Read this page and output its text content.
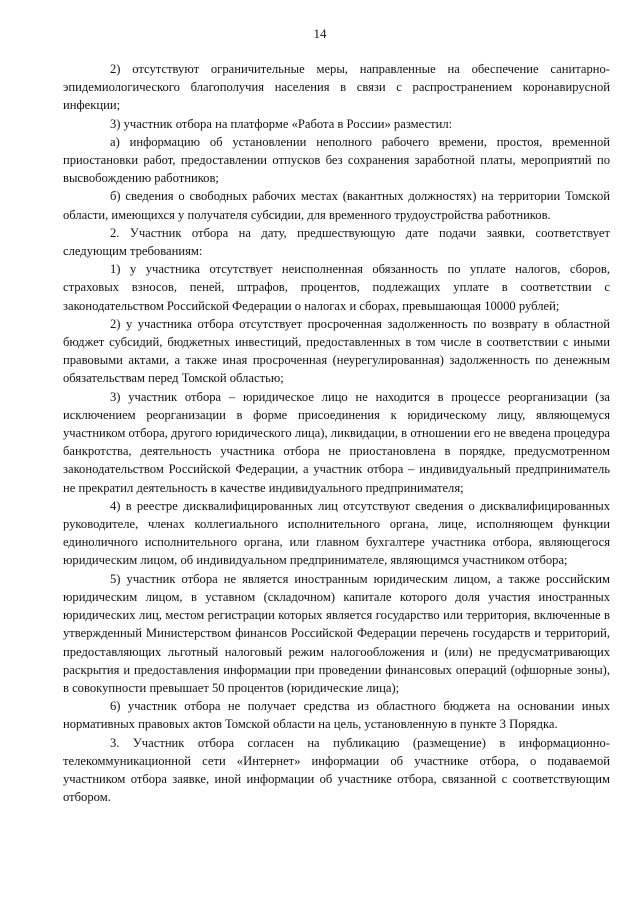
14

2) отсутствуют ограничительные меры, направленные на обеспечение санитарно-эпидемиологического благополучия населения в связи с распространением коронавирусной инфекции;

3) участник отбора на платформе «Работа в России» разместил:

а) информацию об установлении неполного рабочего времени, простоя, временной приостановки работ, предоставлении отпусков без сохранения заработной платы, мероприятий по высвобождению работников;

б) сведения о свободных рабочих местах (вакантных должностях) на территории Томской области, имеющихся у получателя субсидии, для временного трудоустройства работников.

2. Участник отбора на дату, предшествующую дате подачи заявки, соответствует следующим требованиям:

1) у участника отсутствует неисполненная обязанность по уплате налогов, сборов, страховых взносов, пеней, штрафов, процентов, подлежащих уплате в соответствии с законодательством Российской Федерации о налогах и сборах, превышающая 10000 рублей;

2) у участника отбора отсутствует просроченная задолженность по возврату в областной бюджет субсидий, бюджетных инвестиций, предоставленных в том числе в соответствии с иными правовыми актами, а также иная просроченная (неурегулированная) задолженность по денежным обязательствам перед Томской областью;

3) участник отбора – юридическое лицо не находится в процессе реорганизации (за исключением реорганизации в форме присоединения к юридическому лицу, являющемуся участником отбора, другого юридического лица), ликвидации, в отношении его не введена процедура банкротства, деятельность участника отбора не приостановлена в порядке, предусмотренном законодательством Российской Федерации, а участник отбора – индивидуальный предприниматель не прекратил деятельность в качестве индивидуального предпринимателя;

4) в реестре дисквалифицированных лиц отсутствуют сведения о дисквалифицированных руководителе, членах коллегиального исполнительного органа, лице, исполняющем функции единоличного исполнительного органа, или главном бухгалтере участника отбора, являющегося юридическим лицом, об индивидуальном предпринимателе, являющимся участником отбора;

5) участник отбора не является иностранным юридическим лицом, а также российским юридическим лицом, в уставном (складочном) капитале которого доля участия иностранных юридических лиц, местом регистрации которых является государство или территория, включенные в утвержденный Министерством финансов Российской Федерации перечень государств и территорий, предоставляющих льготный налоговый режим налогообложения и (или) не предусматривающих раскрытия и предоставления информации при проведении финансовых операций (офшорные зоны), в совокупности превышает 50 процентов (юридические лица);

6) участник отбора не получает средства из областного бюджета на основании иных нормативных правовых актов Томской области на цель, установленную в пункте 3 Порядка.

3. Участник отбора согласен на публикацию (размещение) в информационно-телекоммуникационной сети «Интернет» информации об участнике отбора, о подаваемой участником отбора заявке, иной информации об участнике отбора, связанной с соответствующим отбором.
